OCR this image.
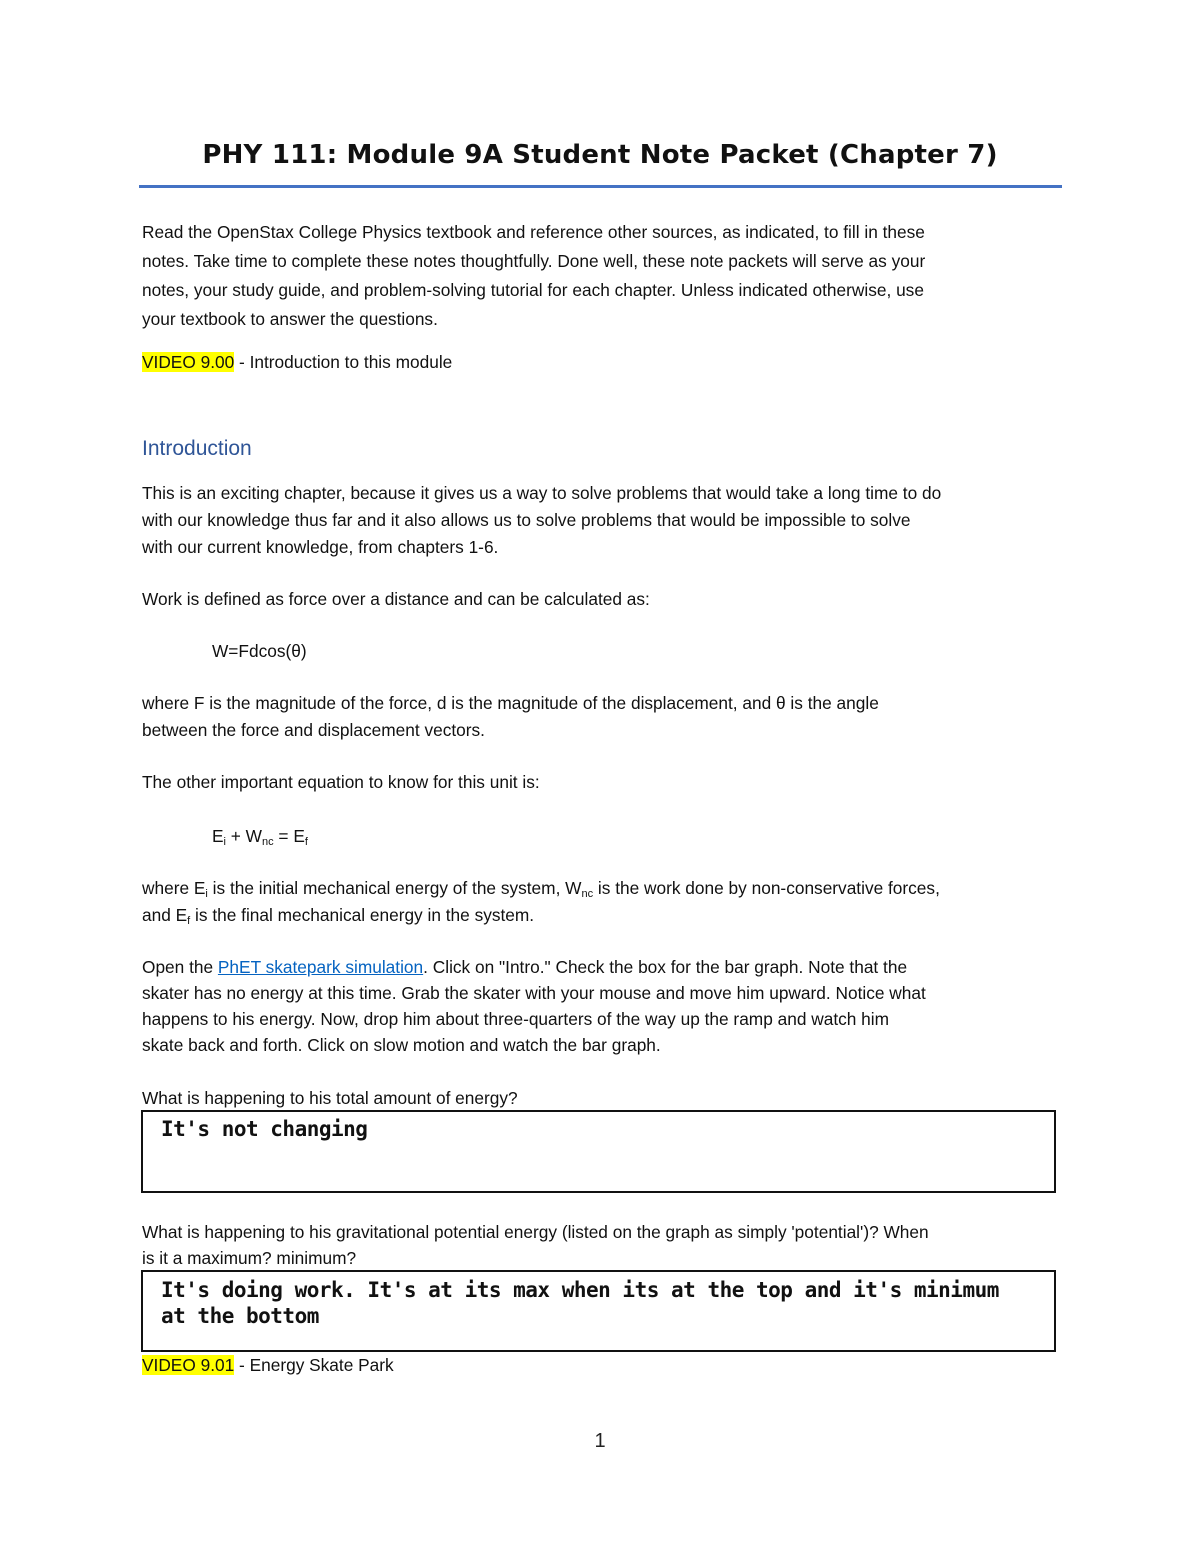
PHY 111: Module 9A Student Note Packet (Chapter 7)
Read the OpenStax College Physics textbook and reference other sources, as indicated, to fill in these
notes. Take time to complete these notes thoughtfully. Done well, these note packets will serve as your
notes, your study guide, and problem-solving tutorial for each chapter. Unless indicated otherwise, use
your textbook to answer the questions.
VIDEO 9.00 - Introduction to this module
Introduction
This is an exciting chapter, because it gives us a way to solve problems that would take a long time to do
with our knowledge thus far and it also allows us to solve problems that would be impossible to solve
with our current knowledge, from chapters 1-6.
Work is defined as force over a distance and can be calculated as:
W=Fdcos(θ)
where F is the magnitude of the force, d is the magnitude of the displacement, and θ is the angle
between the force and displacement vectors.
The other important equation to know for this unit is:
$E_i + W_{nc} = E_f$
where $E_i$ is the initial mechanical energy of the system, $W_{nc}$ is the work done by non-conservative forces,
and $E_f$ is the final mechanical energy in the system.
Open the PhET skatepark simulation. Click on "Intro." Check the box for the bar graph. Note that the
skater has no energy at this time. Grab the skater with your mouse and move him upward. Notice what
happens to his energy. Now, drop him about three-quarters of the way up the ramp and watch him
skate back and forth. Click on slow motion and watch the bar graph.
What is happening to his total amount of energy?
It's not changing
What is happening to his gravitational potential energy (listed on the graph as simply 'potential')? When
is it a maximum? minimum?
It's doing work. It's at its max when its at the top and it's minimum
at the bottom
VIDEO 9.01 - Energy Skate Park
1
